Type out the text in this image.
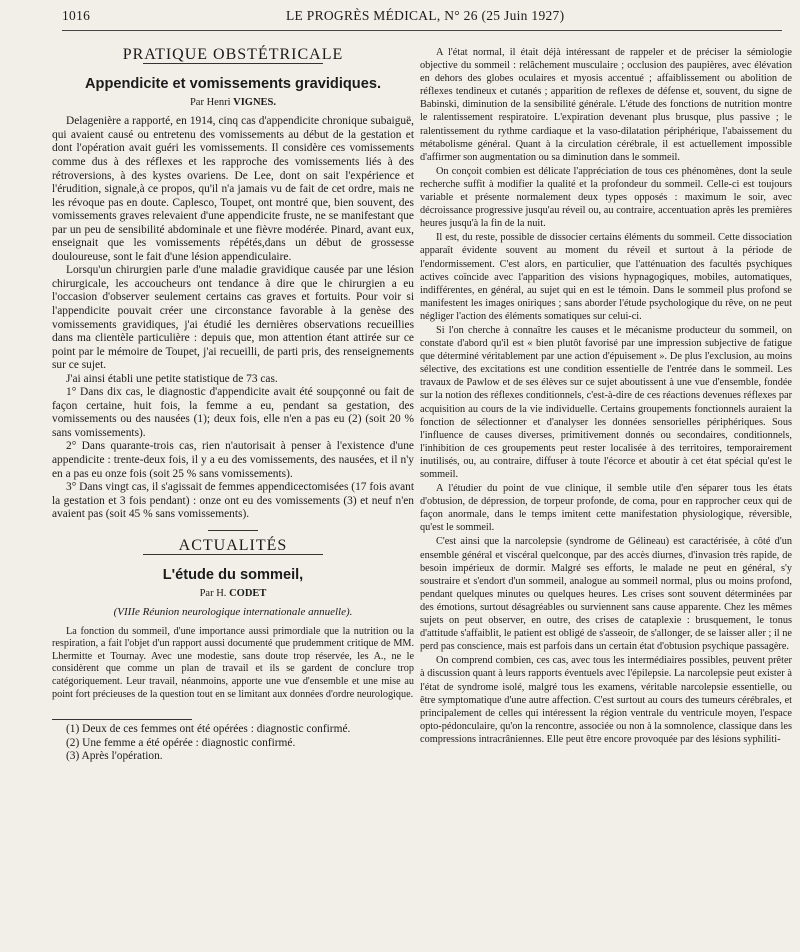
1016	LE PROGRÈS MÉDICAL, N° 26 (25 Juin 1927)
PRATIQUE OBSTÉTRICALE
Appendicite et vomissements gravidiques.
Par Henri VIGNES.

Delagenière a rapporté, en 1914, cinq cas d'appendicite chronique subaiguë, qui avaient causé ou entretenu des vomissements au début de la gestation et dont l'opération avait guéri les vomissements. Il considère ces vomissements comme dus à des réflexes et les rapproche des vomissements liés à des rétroversions, à des kystes ovariens. De Lee, dont on sait l'expérience et l'érudition, signale,à ce propos, qu'il n'a jamais vu de fait de cet ordre, mais ne les révoque pas en doute. Caplesco, Toupet, ont montré que, bien souvent, des vomissements graves relevaient d'une appendicite fruste, ne se manifestant que par un peu de sensibilité abdominale et une fièvre modérée. Pinard, avant eux, enseignait que les vomissements répétés,dans un début de grossesse douloureuse, sont le fait d'une lésion appendiculaire.

Lorsqu'un chirurgien parle d'une maladie gravidique causée par une lésion chirurgicale, les accoucheurs ont tendance à dire que le chirurgien a eu l'occasion d'observer seulement certains cas graves et fortuits. Pour voir si l'appendicite pouvait créer une circonstance favorable à la genèse des vomissements gravidiques, j'ai étudié les dernières observations recueillies dans ma clientèle particulière : depuis que, mon attention étant attirée sur ce point par le mémoire de Toupet, j'ai recueilli, de parti pris, des renseignements sur ce sujet.

J'ai ainsi établi une petite statistique de 73 cas.

1° Dans dix cas, le diagnostic d'appendicite avait été soupçonné ou fait de façon certaine, huit fois, la femme a eu, pendant sa gestation, des vomissements ou des nausées (1); deux fois, elle n'en a pas eu (2) (soit 20 % sans vomissements).

2° Dans quarante-trois cas, rien n'autorisait à penser à l'existence d'une appendicite : trente-deux fois, il y a eu des vomissements, des nausées, et il n'y en a pas eu onze fois (soit 25 % sans vomissements).

3° Dans vingt cas, il s'agissait de femmes appendicectomisées (17 fois avant la gestation et 3 fois pendant) : onze ont eu des vomissements (3) et neuf n'en avaient pas (soit 45 % sans vomissements).

ACTUALITÉS
L'étude du sommeil,
Par H. CODET
(VIIIe Réunion neurologique internationale annuelle).

La fonction du sommeil, d'une importance aussi primordiale que la nutrition ou la respiration, a fait l'objet d'un rapport aussi documenté que prudemment critique de MM. Lhermitte et Tournay. Avec une modestie, sans doute trop réservée, les A., ne le considèrent que comme un plan de travail et ils se gardent de conclure trop catégoriquement. Leur travail, néanmoins, apporte une vue d'ensemble et une mise au point fort précieuses de la question tout en se limitant aux données d'ordre neurologique.

(1) Deux de ces femmes ont été opérées : diagnostic confirmé.

(2) Une femme a été opérée : diagnostic confirmé.

(3) Après l'opération.

A l'état normal, il était déjà intéressant de rappeler et de préciser la sémiologie objective du sommeil : relâchement musculaire ; occlusion des paupières, avec élévation en dehors des globes oculaires et myosis accentué ; affaiblissement ou abolition de réflexes tendineux et cutanés ; apparition de reflexes de défense et, souvent, du signe de Babinski, diminution de la sensibilité générale. L'étude des fonctions de nutrition montre le ralentissement respiratoire. L'expiration devenant plus brusque, plus passive ; le ralentissement du rythme cardiaque et la vaso-dilatation périphérique, l'abaissement du métabolisme général. Quant à la circulation cérébrale, il est actuellement impossible d'affirmer son augmentation ou sa diminution dans le sommeil.

On conçoit combien est délicate l'appréciation de tous ces phénomènes, dont la seule recherche suffit à modifier la qualité et la profondeur du sommeil. Celle-ci est toujours variable et présente normalement deux types opposés : maximum le soir, avec décroissance progressive jusqu'au réveil ou, au contraire, accentuation après les premières heures jusqu'à la fin de la nuit.

Il est, du reste, possible de dissocier certains éléments du sommeil. Cette dissociation apparaît évidente souvent au moment du réveil et surtout à la période de l'endormissement. C'est alors, en particulier, que l'atténuation des facultés psychiques actives coïncide avec l'apparition des visions hypnagogiques, mobiles, automatiques, indifférentes, en général, au sujet qui en est le témoin. Dans le sommeil plus profond se manifestent les images oniriques ; sans aborder l'étude psychologique du rêve, on ne peut négliger l'action des éléments somatiques sur celui-ci.

Si l'on cherche à connaître les causes et le mécanisme producteur du sommeil, on constate d'abord qu'il est « bien plutôt favorisé par une impression subjective de fatigue que déterminé véritablement par une action d'épuisement ». De plus l'exclusion, au moins sélective, des excitations est une condition essentielle de l'entrée dans le sommeil. Les travaux de Pawlow et de ses élèves sur ce sujet aboutissent à une vue d'ensemble, fondée sur la notion des réflexes conditionnels, c'est-à-dire de ces réactions devenues réflexes par acquisition au cours de la vie individuelle. Certains groupements fonctionnels auraient la fonction de sélectionner et d'analyser les données sensorielles périphériques. Sous l'influence de causes diverses, primitivement donnés ou secondaires, conditionnels, l'inhibition de ces groupements peut rester localisée à des territoires, temporairement inutilisés, ou, au contraire, diffuser à toute l'écorce et aboutir à cet état spécial qu'est le sommeil.

A l'étudier du point de vue clinique, il semble utile d'en séparer tous les états d'obtusion, de dépression, de torpeur profonde, de coma, pour en rapprocher ceux qui de façon anormale, dans le temps imitent cette manifestation physiologique, réversible, qu'est le sommeil.

C'est ainsi que la narcolepsie (syndrome de Gélineau) est caractérisée, à côté d'un ensemble général et viscéral quelconque, par des accès diurnes, d'invasion très rapide, de besoin impérieux de dormir. Malgré ses efforts, le malade ne peut en général, s'y soustraire et s'endort d'un sommeil, analogue au sommeil normal, plus ou moins profond, pendant quelques minutes ou quelques heures. Les crises sont souvent déterminées par des émotions, surtout désagréables ou surviennent sans cause apparente. Chez les mêmes sujets on peut observer, en outre, des crises de cataplexie : brusquement, le tonus d'attitude s'affaiblit, le patient est obligé de s'asseoir, de s'allonger, de se laisser aller ; il ne perd pas conscience, mais est parfois dans un certain état d'obtusion psychique passagère.

On comprend combien, ces cas, avec tous les intermédiaires possibles, peuvent prêter à discussion quant à leurs rapports éventuels avec l'épilepsie. La narcolepsie peut exister à l'état de syndrome isolé, malgré tous les examens, véritable narcolepsie essentielle, ou être symptomatique d'une autre affection. C'est surtout au cours des tumeurs cérébrales, et principalement de celles qui intéressent la région ventrale du ventricule moyen, l'espace opto-pédonculaire, qu'on la rencontre, associée ou non à la somnolence, classique dans les compressions intracrâniennes. Elle peut être encore provoquée par des lésions syphiliti-
